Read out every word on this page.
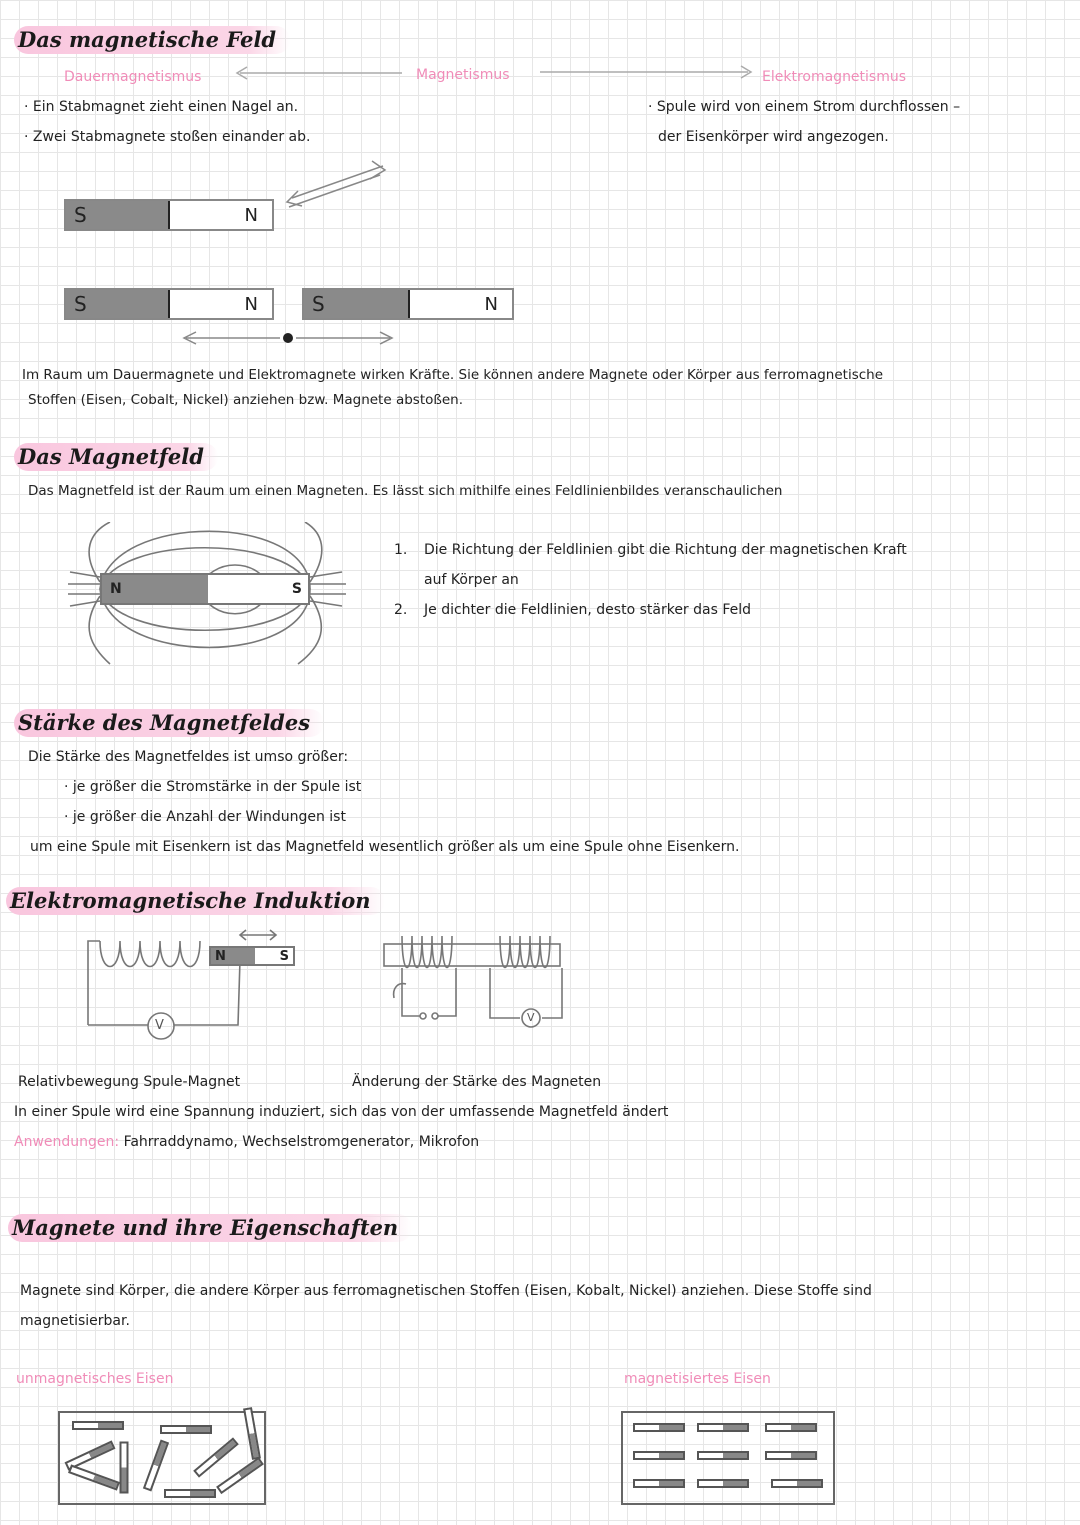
Das magnetische Feld
Dauermagnetismus	Magnetismus	Elektromagnetismus
· Ein Stabmagnet zieht einen Nagel an.
· Zwei Stabmagnete stoßen einander ab.
· Spule wird von einem Strom durchflossen –
der Eisenkörper wird angezogen.
S	N
S	N	S	N
Im Raum um Dauermagnete und Elektromagnete wirken Kräfte. Sie können andere Magnete oder Körper aus ferromagnetische
Stoffen (Eisen, Cobalt, Nickel) anziehen bzw. Magnete abstoßen.
Das Magnetfeld
Das Magnetfeld ist der Raum um einen Magneten. Es lässt sich mithilfe eines Feldlinienbildes veranschaulichen
N	S
1. Die Richtung der Feldlinien gibt die Richtung der magnetischen Kraft
auf Körper an
2. Je dichter die Feldlinien, desto stärker das Feld
Stärke des Magnetfeldes
Die Stärke des Magnetfeldes ist umso größer:
· je größer die Stromstärke in der Spule ist
· je größer die Anzahl der Windungen ist
um eine Spule mit Eisenkern ist das Magnetfeld wesentlich größer als um eine Spule ohne Eisenkern.
Elektromagnetische Induktion
V
N	S
V
Relativbewegung Spule-Magnet	Änderung der Stärke des Magneten
In einer Spule wird eine Spannung induziert, sich das von der umfassende Magnetfeld ändert
Anwendungen: Fahrraddynamo, Wechselstromgenerator, Mikrofon
Magnete und ihre Eigenschaften
Magnete sind Körper, die andere Körper aus ferromagnetischen Stoffen (Eisen, Kobalt, Nickel) anziehen. Diese Stoffe sind
magnetisierbar.
unmagnetisches Eisen	magnetisiertes Eisen
